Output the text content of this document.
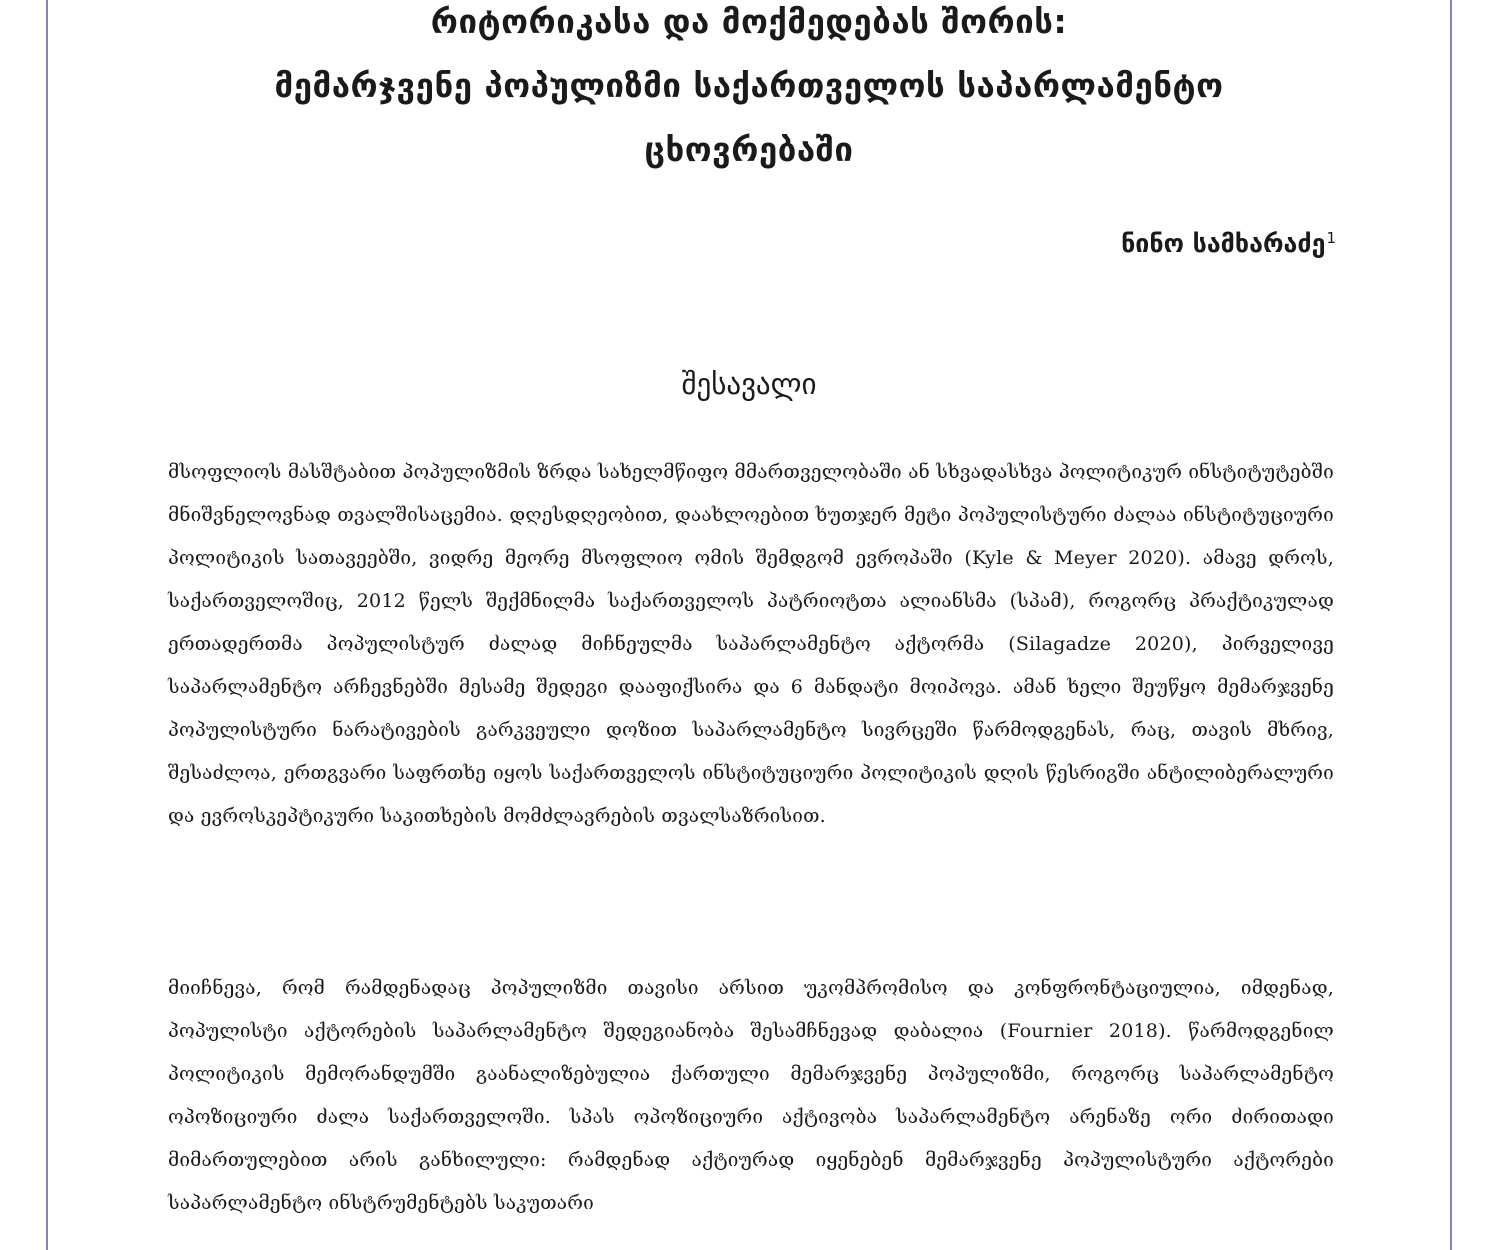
რიტორიკასა და მოქმედებას შორის:
მემარჯვენე პოპულიზმი საქართველოს საპარლამენტო
ცხოვრებაში
ნინო სამხარაძე$^1$
შესავალი

მსოფლიოს მასშტაბით პოპულიზმის ზრდა სახელმწიფო მმართველობაში ან სხვადასხვა პოლიტიკურ ინსტიტუტებში მნიშვნელოვნად თვალშისაცემია. დღესდღეობით, დაახლოებით ხუთჯერ მეტი პოპულისტური ძალაა ინსტიტუციური პოლიტიკის სათავეებში, ვიდრე მეორე მსოფლიო ომის შემდგომ ევროპაში (Kyle & Meyer 2020). ამავე დროს, საქართველოშიც, 2012 წელს შექმნილმა საქართველოს პატრიოტთა ალიანსმა (სპამ), როგორც პრაქტიკულად ერთადერთმა პოპულისტურ ძალად მიჩნეულმა საპარლამენტო აქტორმა (Silagadze 2020), პირველივე საპარლამენტო არჩევნებში მესამე შედეგი დააფიქსირა და 6 მანდატი მოიპოვა. ამან ხელი შეუწყო მემარჯვენე პოპულისტური ნარატივების გარკვეული დოზით საპარლამენტო სივრცეში წარმოდგენას, რაც, თავის მხრივ, შესაძლოა, ერთგვარი საფრთხე იყოს საქართველოს ინსტიტუციური პოლიტიკის დღის წესრიგში ანტილიბერალური და ევროსკეპტიკური საკითხების მომძლავრების თვალსაზრისით.

მიიჩნევა, რომ რამდენადაც პოპულიზმი თავისი არსით უკომპრომისო და კონფრონტაციულია, იმდენად, პოპულისტი აქტორების საპარლამენტო შედეგიანობა შესამჩნევად დაბალია (Fournier 2018). წარმოდგენილ პოლიტიკის მემორანდუმში გაანალიზებულია ქართული მემარჯვენე პოპულიზმი, როგორც საპარლამენტო ოპოზიციური ძალა საქართველოში. სპას ოპოზიციური აქტივობა საპარლამენტო არენაზე ორი ძირითადი მიმართულებით არის განხილული: რამდენად აქტიურად იყენებენ მემარჯვენე პოპულისტური აქტორები საპარლამენტო ინსტრუმენტებს საკუთარი
